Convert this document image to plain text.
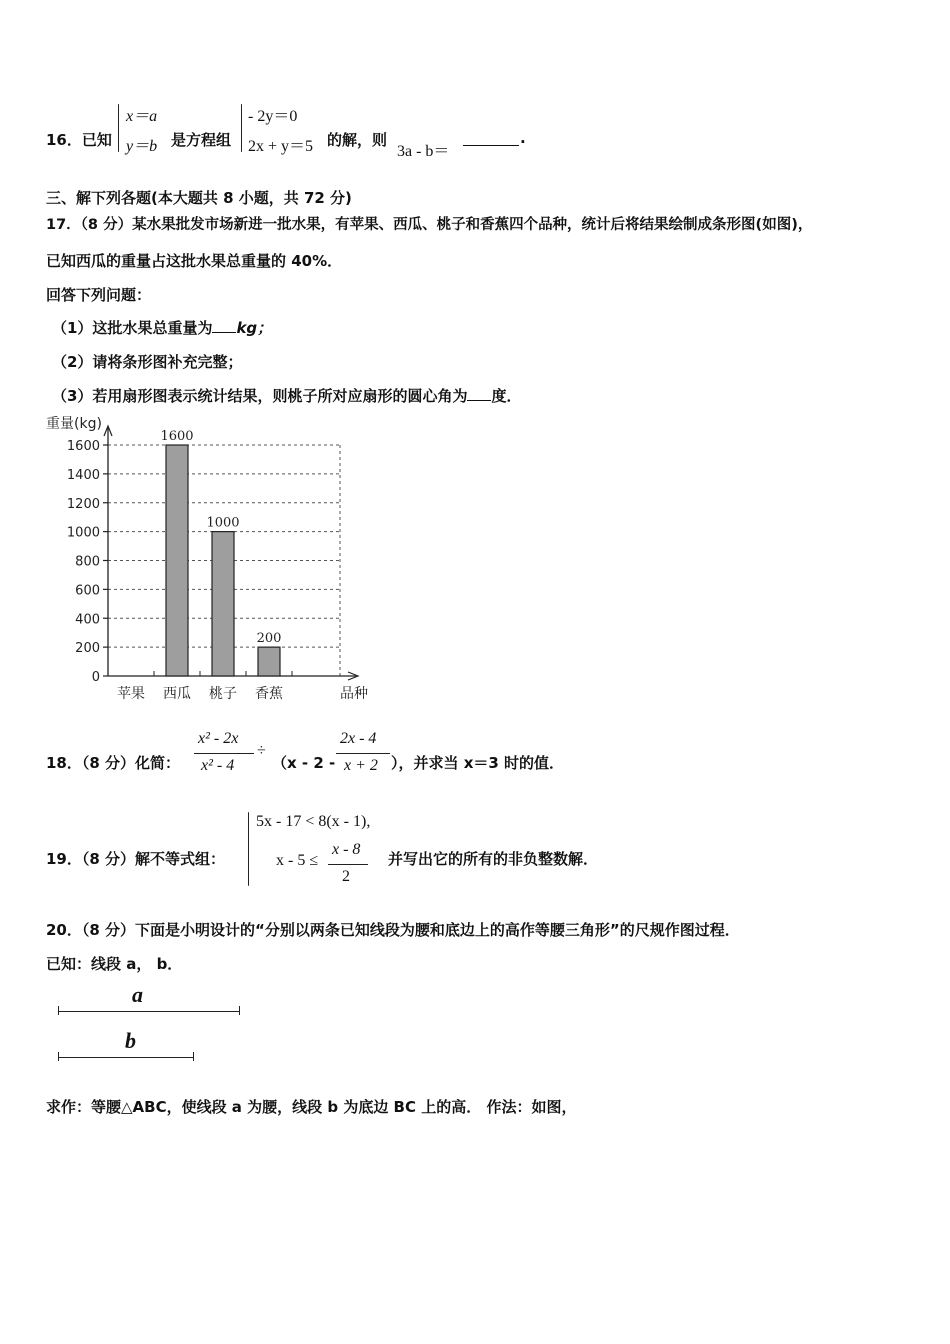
16．已知
x＝a
y＝b 是方程组
- 2y＝0
2x + y＝5 的解，则
3a - b＝
.
三、解下列各题(本大题共 8 小题，共 72 分)
17．（8 分）某水果批发市场新进一批水果，有苹果、西瓜、桃子和香蕉四个品种，统计后将结果绘制成条形图(如图)，
已知西瓜的重量占这批水果总重量的 40%．
回答下列问题：
（1）这批水果总重量为 kg；
（2）请将条形图补充完整；
（3）若用扇形图表示统计结果，则桃子所对应扇形的圆心角为 度．
0
200
400
600
800
1000
1200
1400
1600
重量(kg)
品种
苹果 西瓜
1600
桃子
1000
香蕉
200
18．（8 分）化简：
x² - 2x
x² - 4
÷
（x - 2 -
2x - 4
x + 2 ），并求当 x＝3 时的值．
19．（8 分）解不等式组：
5x - 17 < 8(x - 1),
x - 5 ≤
x - 8
2
并写出它的所有的非负整数解．
20．（8 分）下面是小明设计的“分别以两条已知线段为腰和底边上的高作等腰三角形”的尺规作图过程．
已知：线段 a， b．
a
b
求作：等腰△ABC，使线段 a 为腰，线段 b 为底边 BC 上的高． 作法：如图，
